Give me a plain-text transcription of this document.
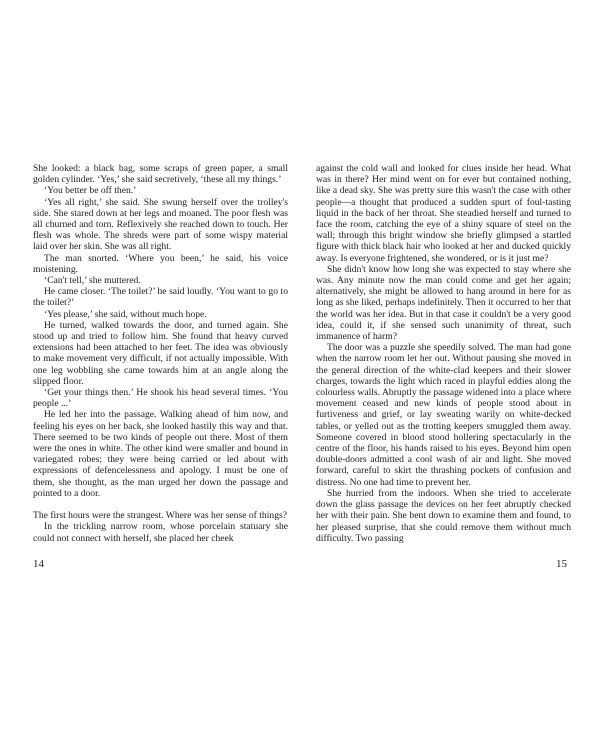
She looked: a black bag, some scraps of green paper, a small golden cylinder. ‘Yes,’ she said secretively, ‘these all my things.’

‘You better be off then.’

‘Yes all right,’ she said. She swung herself over the trolley's side. She stared down at her legs and moaned. The poor flesh was all churned and torn. Reflexively she reached down to touch. Her flesh was whole. The shreds were part of some wispy material laid over her skin. She was all right.

The man snorted. ‘Where you been,’ he said, his voice moistening.

‘Can't tell,’ she muttered.

He came closer. ‘The toilet?’ he said loudly. ‘You want to go to the toilet?’

‘Yes please,’ she said, without much hope.

He turned, walked towards the door, and turned again. She stood up and tried to follow him. She found that heavy curved extensions had been attached to her feet. The idea was obviously to make movement very difficult, if not actually impossible. With one leg wobbling she came towards him at an angle along the slipped floor.

‘Get your things then.’ He shook his head several times. ‘You people ...’

He led her into the passage. Walking ahead of him now, and feeling his eyes on her back, she looked hastily this way and that. There seemed to be two kinds of people out there. Most of them were the ones in white. The other kind were smaller and bound in variegated robes; they were being carried or led about with expressions of defencelessness and apology. I must be one of them, she thought, as the man urged her down the passage and pointed to a door.

The first hours were the strangest. Where was her sense of things?

In the trickling narrow room, whose porcelain statuary she could not connect with herself, she placed her cheek

14

against the cold wall and looked for clues inside her head. What was in there? Her mind went on for ever but contained nothing, like a dead sky. She was pretty sure this wasn't the case with other people—a thought that produced a sudden spurt of foul-tasting liquid in the back of her throat. She steadied herself and turned to face the room, catching the eye of a shiny square of steel on the wall; through this bright window she briefly glimpsed a startled figure with thick black hair who looked at her and ducked quickly away. Is everyone frightened, she wondered, or is it just me?

She didn't know how long she was expected to stay where she was. Any minute now the man could come and get her again; alternatively, she might be allowed to hang around in here for as long as she liked, perhaps indefinitely. Then it occurred to her that the world was her idea. But in that case it couldn't be a very good idea, could it, if she sensed such unanimity of threat, such immanence of harm?

The door was a puzzle she speedily solved. The man had gone when the narrow room let her out. Without pausing she moved in the general direction of the white-clad keepers and their slower charges, towards the light which raced in playful eddies along the colourless walls. Abruptly the passage widened into a place where movement ceased and new kinds of people stood about in furtiveness and grief, or lay sweating warily on white-decked tables, or yelled out as the trotting keepers smuggled them away. Someone covered in blood stood hollering spectacularly in the centre of the floor, his hands raised to his eyes. Beyond him open double-doors admitted a cool wash of air and light. She moved forward, careful to skirt the thrashing pockets of confusion and distress. No one had time to prevent her.

She hurried from the indoors. When she tried to accelerate down the glass passage the devices on her feet abruptly checked her with their pain. She bent down to examine them and found, to her pleased surprise, that she could remove them without much difficulty. Two passing

15
